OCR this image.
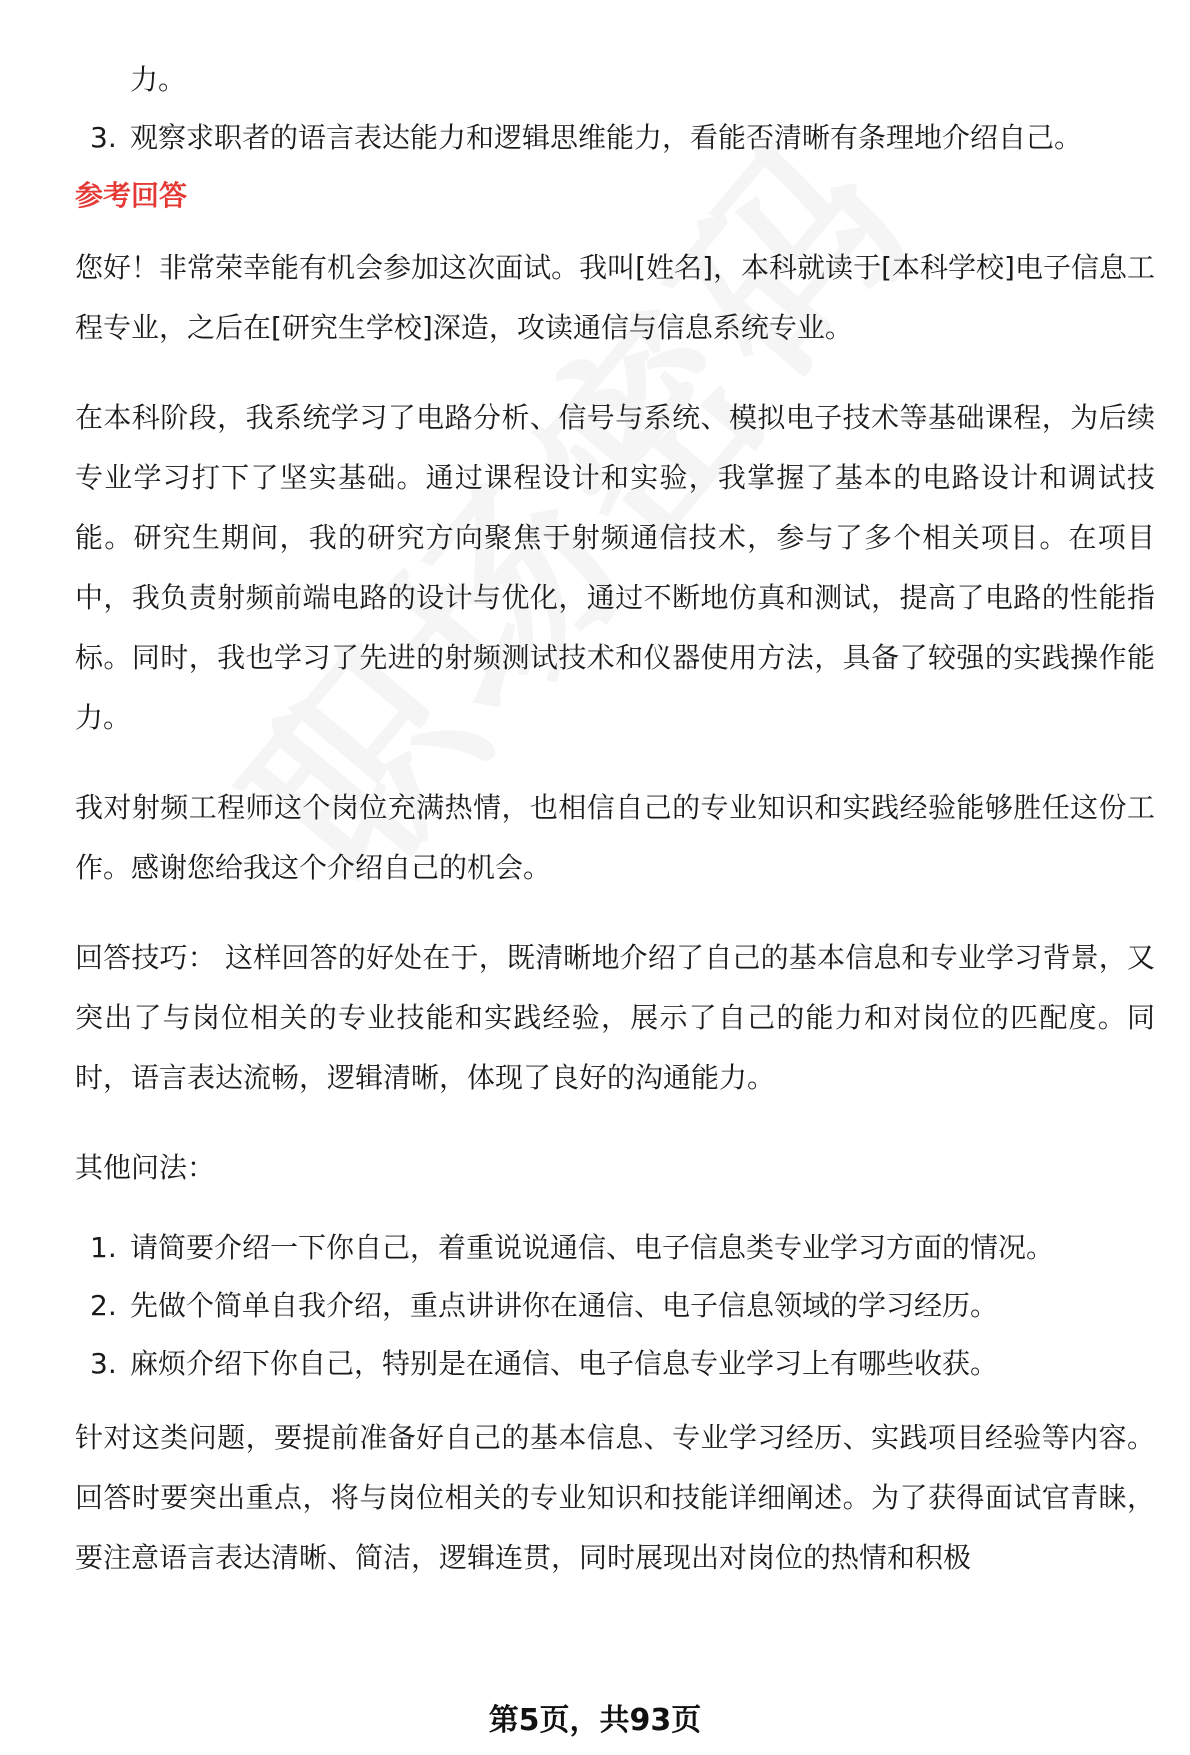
力。
3. 观察求职者的语言表达能力和逻辑思维能力，看能否清晰有条理地介绍自己。
参考回答

您好！非常荣幸能有机会参加这次面试。我叫[姓名]，本科就读于[本科学校]电子信息工程专业，之后在[研究生学校]深造，攻读通信与信息系统专业。

在本科阶段，我系统学习了电路分析、信号与系统、模拟电子技术等基础课程，为后续专业学习打下了坚实基础。通过课程设计和实验，我掌握了基本的电路设计和调试技能。研究生期间，我的研究方向聚焦于射频通信技术，参与了多个相关项目。在项目中，我负责射频前端电路的设计与优化，通过不断地仿真和测试，提高了电路的性能指标。同时，我也学习了先进的射频测试技术和仪器使用方法，具备了较强的实践操作能力。

我对射频工程师这个岗位充满热情，也相信自己的专业知识和实践经验能够胜任这份工作。感谢您给我这个介绍自己的机会。

回答技巧： 这样回答的好处在于，既清晰地介绍了自己的基本信息和专业学习背景，又突出了与岗位相关的专业技能和实践经验，展示了自己的能力和对岗位的匹配度。同时，语言表达流畅，逻辑清晰，体现了良好的沟通能力。

其他问法：

1. 请简要介绍一下你自己，着重说说通信、电子信息类专业学习方面的情况。
2. 先做个简单自我介绍，重点讲讲你在通信、电子信息领域的学习经历。
3. 麻烦介绍下你自己，特别是在通信、电子信息专业学习上有哪些收获。

针对这类问题，要提前准备好自己的基本信息、专业学习经历、实践项目经验等内容。回答时要突出重点，将与岗位相关的专业知识和技能详细阐述。为了获得面试官青睐，要注意语言表达清晰、简洁，逻辑连贯，同时展现出对岗位的热情和积极

第5页，共93页
